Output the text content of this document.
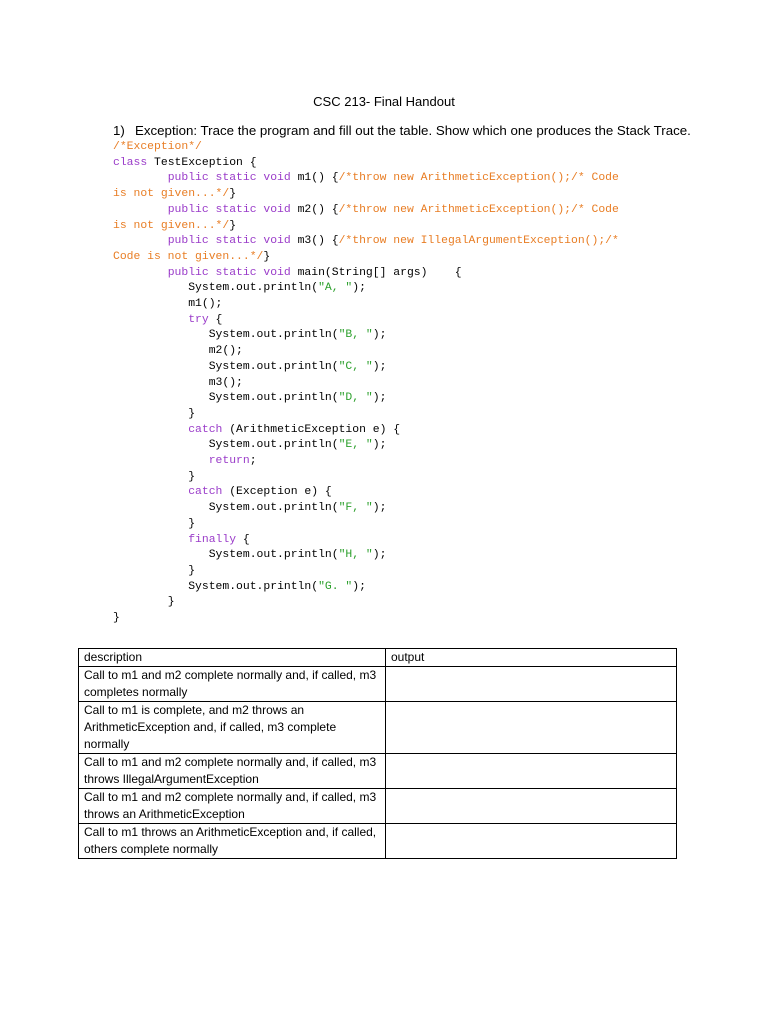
CSC 213- Final Handout
1) Exception: Trace the program and fill out the table. Show which one produces the Stack Trace.
/*Exception*/
class TestException {
public static void m1() {/*throw new ArithmeticException();/* Code
is not given...*/}
public static void m2() {/*throw new ArithmeticException();/* Code
is not given...*/}
public static void m3() {/*throw new IllegalArgumentException();/*
Code is not given...*/}
public static void main(String[] args)    {
System.out.println("A, ");
m1();
try {
System.out.println("B, ");
m2();
System.out.println("C, ");
m3();
System.out.println("D, ");
}
catch (ArithmeticException e) {
System.out.println("E, ");
return;
}
catch (Exception e) {
System.out.println("F, ");
}
finally {
System.out.println("H, ");
}
System.out.println("G. ");
}
}
description	output
Call to m1 and m2 complete normally and, if called, m3 completes normally	
Call to m1 is complete, and m2 throws an ArithmeticException and, if called, m3 complete normally	
Call to m1 and m2 complete normally and, if called, m3 throws IllegalArgumentException	
Call to m1 and m2 complete normally and, if called, m3 throws an ArithmeticException	
Call to m1 throws an ArithmeticException and, if called, others complete normally	
